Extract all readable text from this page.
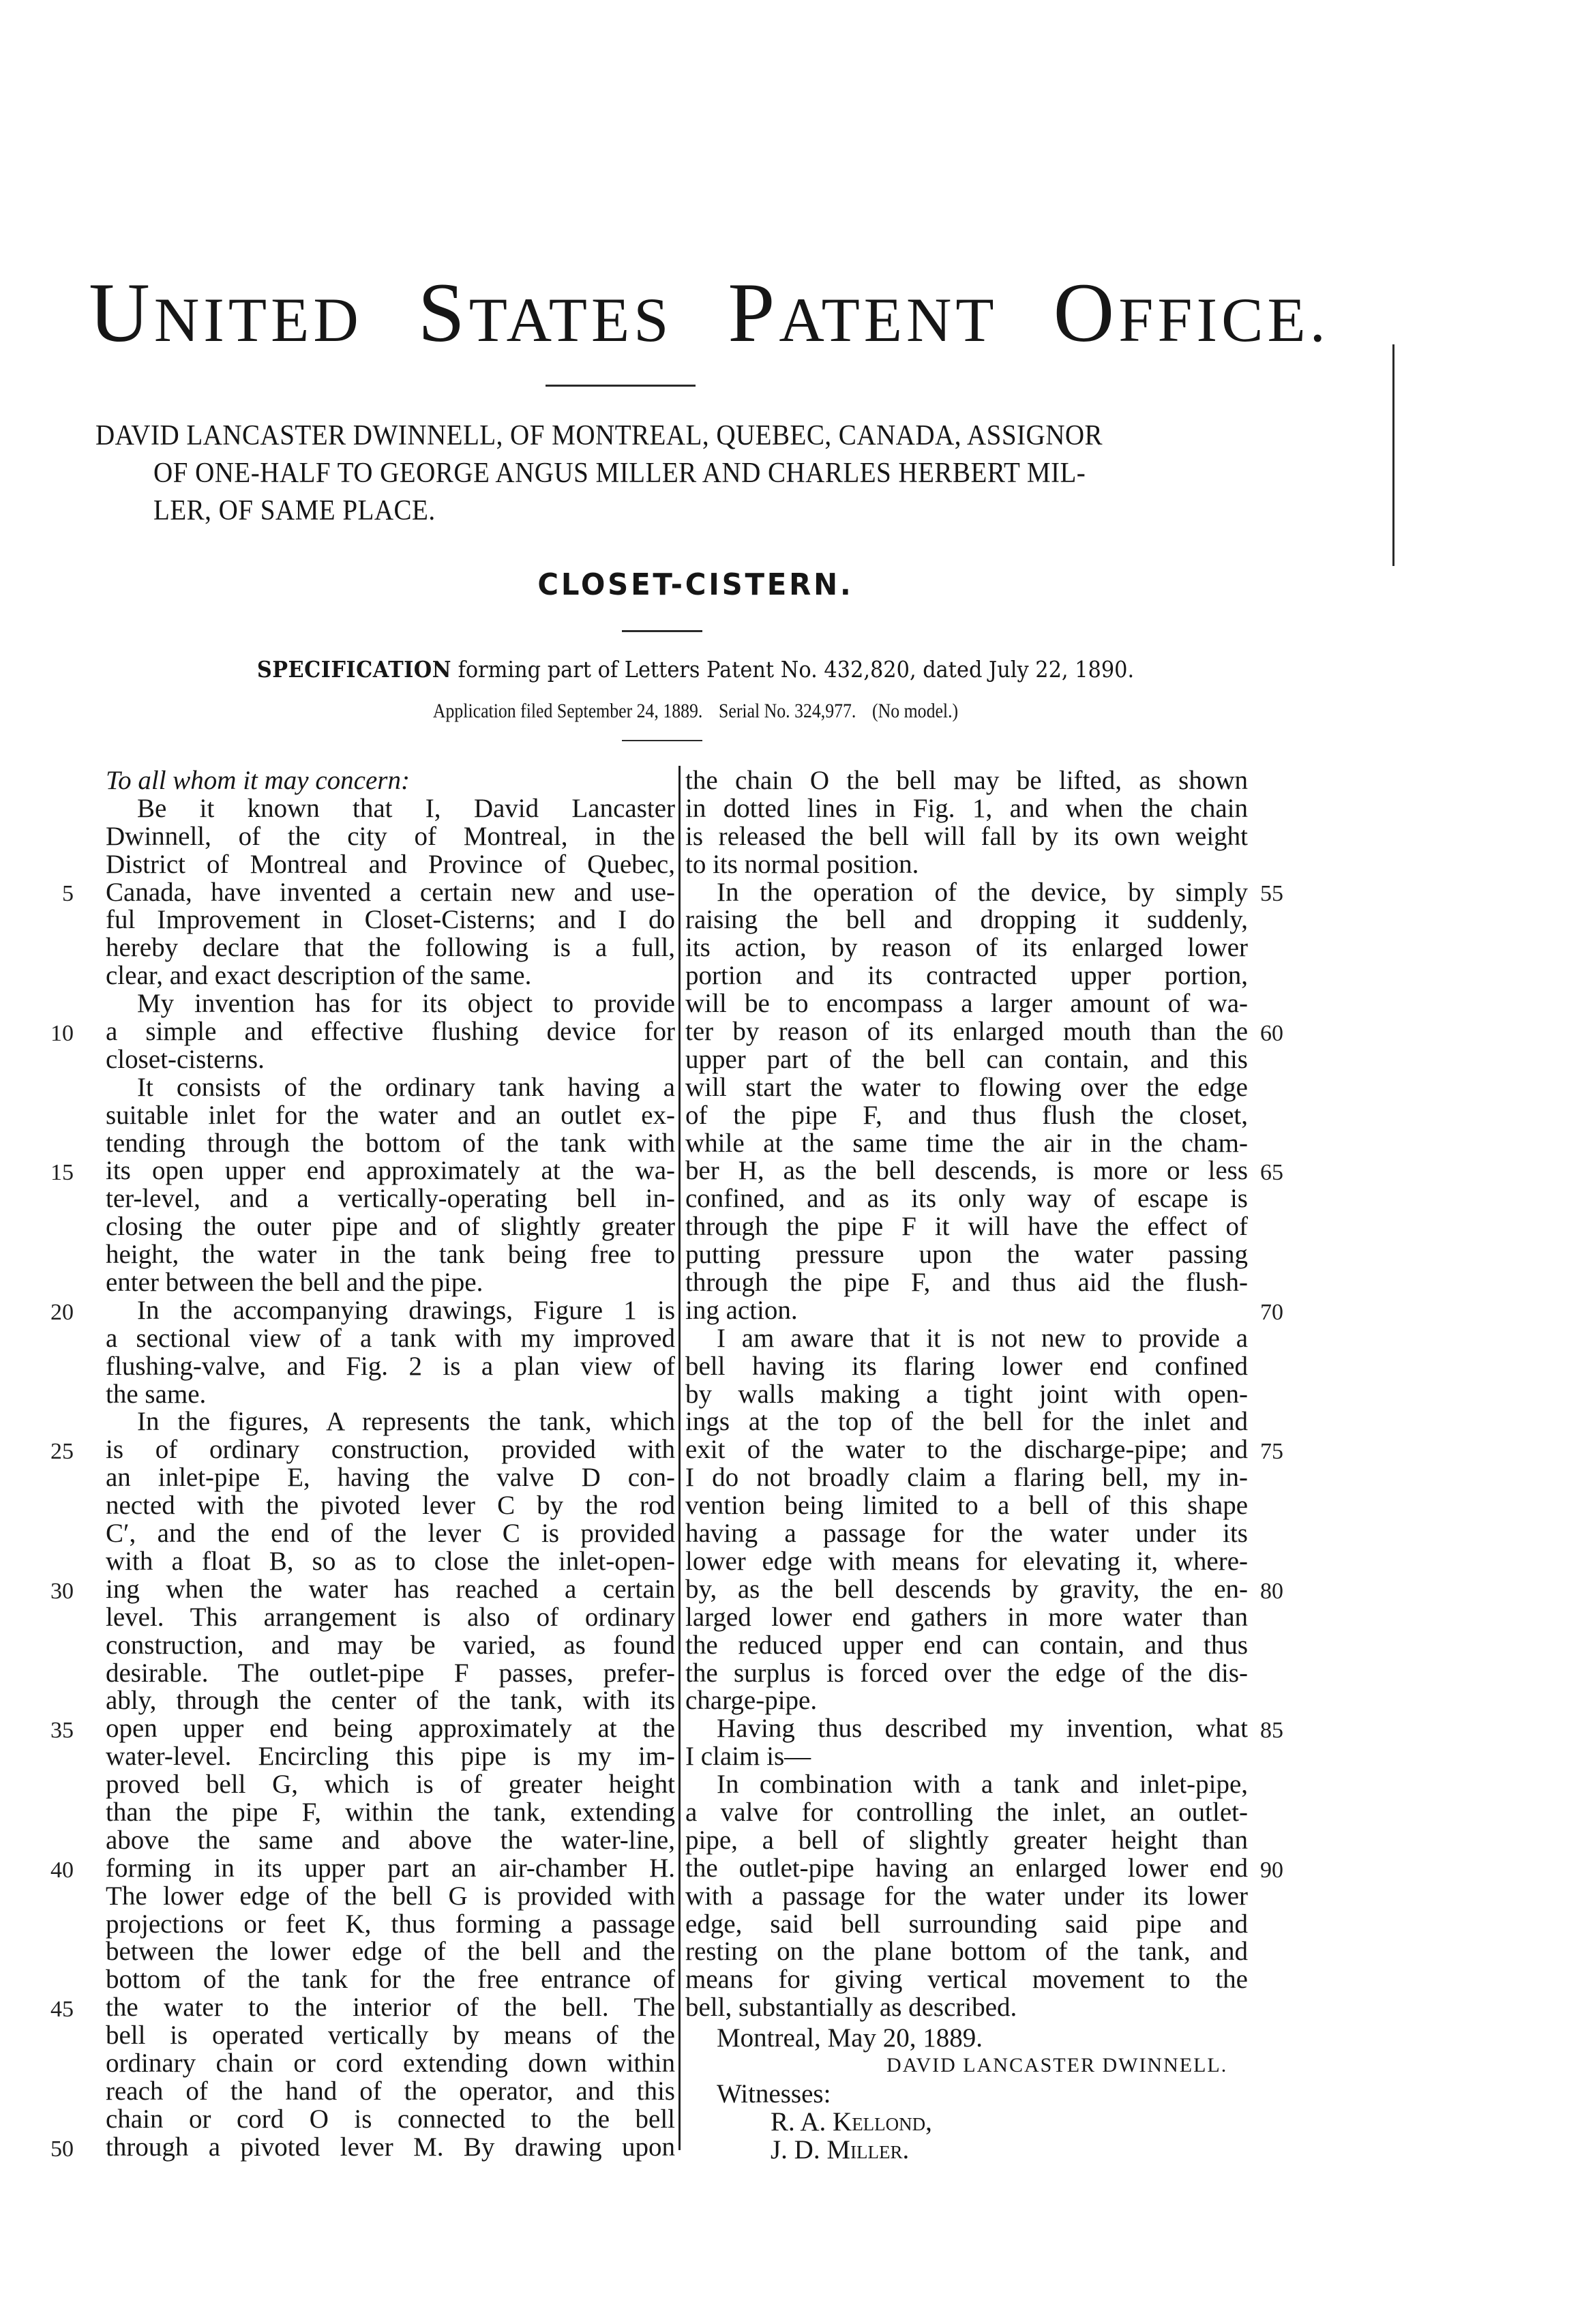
UNITED STATES PATENT OFFICE.
DAVID LANCASTER DWINNELL, OF MONTREAL, QUEBEC, CANADA, ASSIGNOR
OF ONE-HALF TO GEORGE ANGUS MILLER AND CHARLES HERBERT MIL-
LER, OF SAME PLACE.
CLOSET-CISTERN.
SPECIFICATION forming part of Letters Patent No. 432,820, dated July 22, 1890.
Application filed September 24, 1889. Serial No. 324,977. (No model.)
To all whom it may concern:
Be it known that I, David Lancaster
Dwinnell, of the city of Montreal, in the
District of Montreal and Province of Quebec,
Canada, have invented a certain new and use-
ful Improvement in Closet-Cisterns; and I do
hereby declare that the following is a full,
clear, and exact description of the same.
My invention has for its object to provide
a simple and effective flushing device for
closet-cisterns.
It consists of the ordinary tank having a
suitable inlet for the water and an outlet ex-
tending through the bottom of the tank with
its open upper end approximately at the wa-
ter-level, and a vertically-operating bell in-
closing the outer pipe and of slightly greater
height, the water in the tank being free to
enter between the bell and the pipe.
In the accompanying drawings, Figure 1 is
a sectional view of a tank with my improved
flushing-valve, and Fig. 2 is a plan view of
the same.
In the figures, A represents the tank, which
is of ordinary construction, provided with
an inlet-pipe E, having the valve D con-
nected with the pivoted lever C by the rod
C′, and the end of the lever C is provided
with a float B, so as to close the inlet-open-
ing when the water has reached a certain
level. This arrangement is also of ordinary
construction, and may be varied, as found
desirable. The outlet-pipe F passes, prefer-
ably, through the center of the tank, with its
open upper end being approximately at the
water-level. Encircling this pipe is my im-
proved bell G, which is of greater height
than the pipe F, within the tank, extending
above the same and above the water-line,
forming in its upper part an air-chamber H.
The lower edge of the bell G is provided with
projections or feet K, thus forming a passage
between the lower edge of the bell and the
bottom of the tank for the free entrance of
the water to the interior of the bell. The
bell is operated vertically by means of the
ordinary chain or cord extending down within
reach of the hand of the operator, and this
chain or cord O is connected to the bell
through a pivoted lever M. By drawing upon
5
10
15
20
25
30
35
40
45
50
the chain O the bell may be lifted, as shown
in dotted lines in Fig. 1, and when the chain
is released the bell will fall by its own weight
to its normal position.
In the operation of the device, by simply
raising the bell and dropping it suddenly,
its action, by reason of its enlarged lower
portion and its contracted upper portion,
will be to encompass a larger amount of wa-
ter by reason of its enlarged mouth than the
upper part of the bell can contain, and this
will start the water to flowing over the edge
of the pipe F, and thus flush the closet,
while at the same time the air in the cham-
ber H, as the bell descends, is more or less
confined, and as its only way of escape is
through the pipe F it will have the effect of
putting pressure upon the water passing
through the pipe F, and thus aid the flush-
ing action.
I am aware that it is not new to provide a
bell having its flaring lower end confined
by walls making a tight joint with open-
ings at the top of the bell for the inlet and
exit of the water to the discharge-pipe; and
I do not broadly claim a flaring bell, my in-
vention being limited to a bell of this shape
having a passage for the water under its
lower edge with means for elevating it, where-
by, as the bell descends by gravity, the en-
larged lower end gathers in more water than
the reduced upper end can contain, and thus
the surplus is forced over the edge of the dis-
charge-pipe.
Having thus described my invention, what
I claim is—
In combination with a tank and inlet-pipe,
a valve for controlling the inlet, an outlet-
pipe, a bell of slightly greater height than
the outlet-pipe having an enlarged lower end
with a passage for the water under its lower
edge, said bell surrounding said pipe and
resting on the plane bottom of the tank, and
means for giving vertical movement to the
bell, substantially as described.
55
60
65
70
75
80
85
90
Montreal, May 20, 1889.
DAVID LANCASTER DWINNELL.
Witnesses:
R. A. Kellond,
J. D. Miller.
